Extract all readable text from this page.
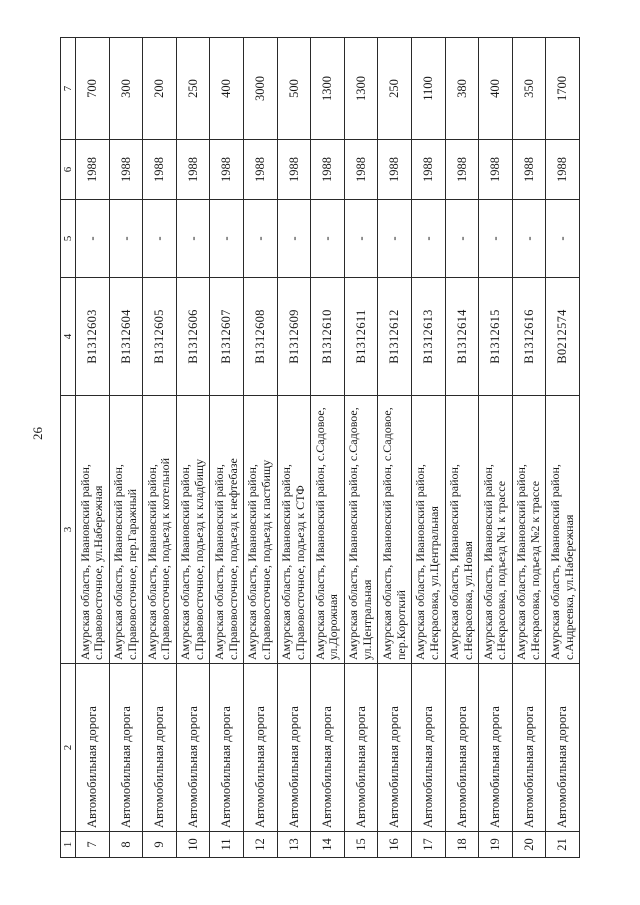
26
1	2	3	4	5	6	7
7	Автомобильная дорога	Амурская область, Ивановский район, с.Правовосточное, ул.Набережная	В1312603	-	1988	700
8	Автомобильная дорога	Амурская область, Ивановский район, с.Правовосточное, пер.Гаражный	В1312604	-	1988	300
9	Автомобильная дорога	Амурская область, Ивановский район, с.Правовосточное, подъезд к котельной	В1312605	-	1988	200
10	Автомобильная дорога	Амурская область, Ивановский район, с.Правовосточное, подъезд к кладбищу	В1312606	-	1988	250
11	Автомобильная дорога	Амурская область, Ивановский район, с.Правовосточное, подъезд к нефтебазе	В1312607	-	1988	400
12	Автомобильная дорога	Амурская область, Ивановский район, с.Правовосточное, подъезд к пастбищу	В1312608	-	1988	3000
13	Автомобильная дорога	Амурская область, Ивановский район, с.Правовосточное, подъезд к СТФ	В1312609	-	1988	500
14	Автомобильная дорога	Амурская область, Ивановский район, с.Садовое, ул.Дорожная	В1312610	-	1988	1300
15	Автомобильная дорога	Амурская область, Ивановский район, с.Садовое, ул.Центральная	В1312611	-	1988	1300
16	Автомобильная дорога	Амурская область, Ивановский район, с.Садовое, пер.Короткий	В1312612	-	1988	250
17	Автомобильная дорога	Амурская область, Ивановский район, с.Некрасовка, ул.Центральная	В1312613	-	1988	1100
18	Автомобильная дорога	Амурская область, Ивановский район, с.Некрасовка, ул.Новая	В1312614	-	1988	380
19	Автомобильная дорога	Амурская область, Ивановский район, с.Некрасовка, подъезд №1 к трассе	В1312615	-	1988	400
20	Автомобильная дорога	Амурская область, Ивановский район, с.Некрасовка, подъезд №2 к трассе	В1312616	-	1988	350
21	Автомобильная дорога	Амурская область, Ивановский район, с.Андреевка, ул.Набережная	В0212574	-	1988	1700
